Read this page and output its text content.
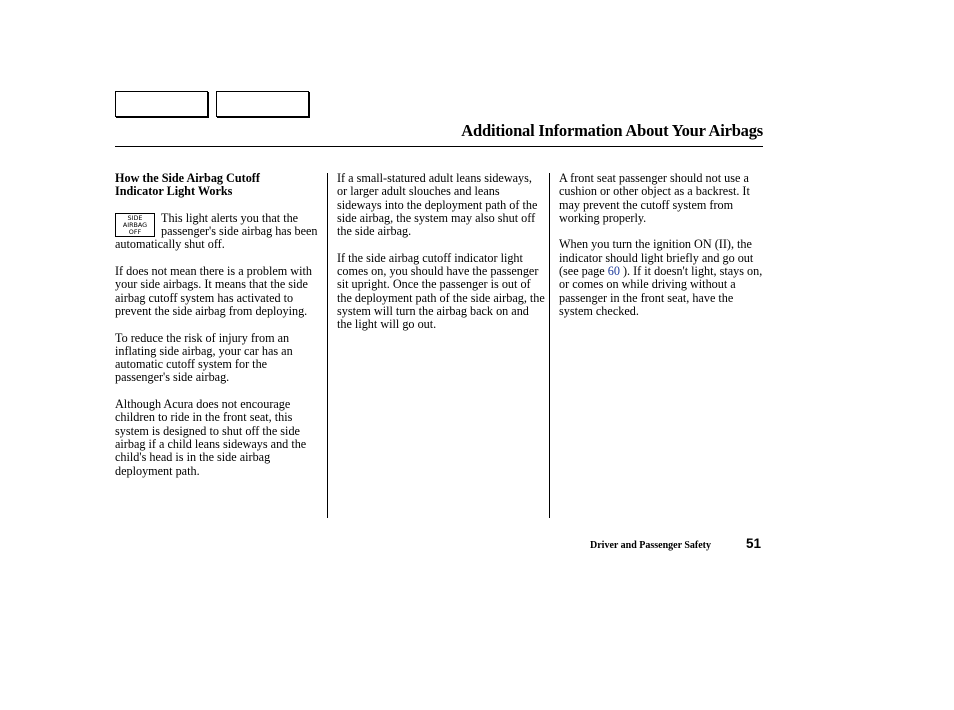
Additional Information About Your Airbags

How the Side Airbag Cutoff
Indicator Light Works

SIDE
AIRBAG
OFF
This light alerts you that the passenger's side airbag has been automatically shut off.

If does not mean there is a problem with your side airbags. It means that the side airbag cutoff system has activated to prevent the side airbag from deploying.

To reduce the risk of injury from an inflating side airbag, your car has an automatic cutoff system for the passenger's side airbag.

Although Acura does not encourage children to ride in the front seat, this system is designed to shut off the side airbag if a child leans sideways and the child's head is in the side airbag deployment path.

If a small-statured adult leans sideways, or larger adult slouches and leans sideways into the deployment path of the side airbag, the system may also shut off the side airbag.

If the side airbag cutoff indicator light comes on, you should have the passenger sit upright. Once the passenger is out of the deployment path of the side airbag, the system will turn the airbag back on and the light will go out.

A front seat passenger should not use a cushion or other object as a backrest. It may prevent the cutoff system from working properly.

When you turn the ignition ON (II), the indicator should light briefly and go out (see page 60 ). If it doesn't light, stays on, or comes on while driving without a passenger in the front seat, have the system checked.

Driver and Passenger Safety	51
